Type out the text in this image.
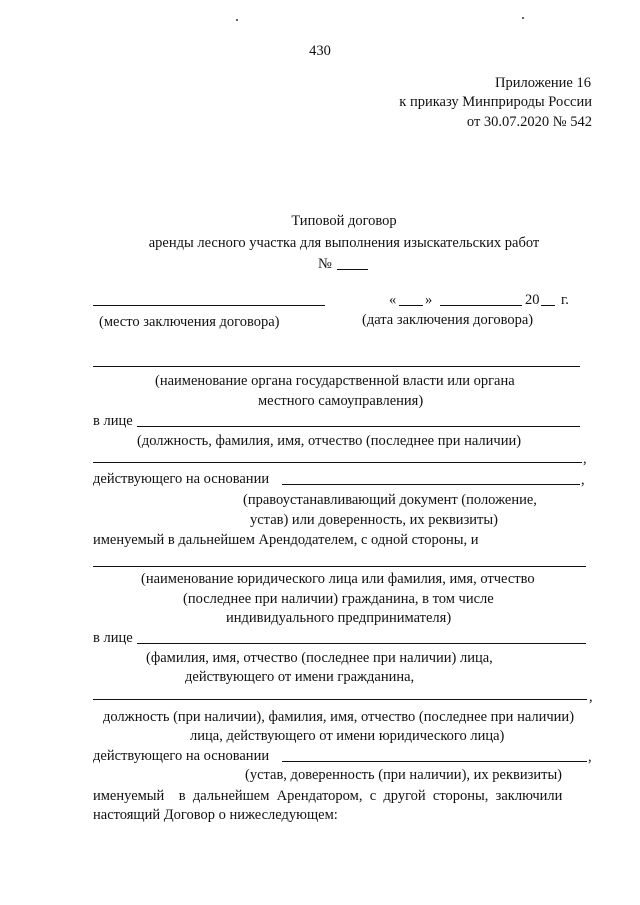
430
Приложение 16
к приказу Минприроды России
от 30.07.2020 № 542
Типовой договор
аренды лесного участка для выполнения изыскательских работ
№
« »	20 г.
(место заключения договора)	(дата заключения договора)
(наименование органа государственной власти или органа
местного самоуправления)
в лице
(должность, фамилия, имя, отчество (последнее при наличии)
,
действующего на основании	,
(правоустанавливающий документ (положение,
устав) или доверенность, их реквизиты)
именуемый в дальнейшем Арендодателем, с одной стороны, и
(наименование юридического лица или фамилия, имя, отчество
(последнее при наличии) гражданина, в том числе
индивидуального предпринимателя)
в лице
(фамилия, имя, отчество (последнее при наличии) лица,
действующего от имени гражданина,
,
должность (при наличии), фамилия, имя, отчество (последнее при наличии)
лица, действующего от имени юридического лица)
действующего на основании	,
(устав, доверенность (при наличии), их реквизиты)
именуемый    в  дальнейшем  Арендатором,  с  другой  стороны,  заключили
настоящий Договор о нижеследующем:
